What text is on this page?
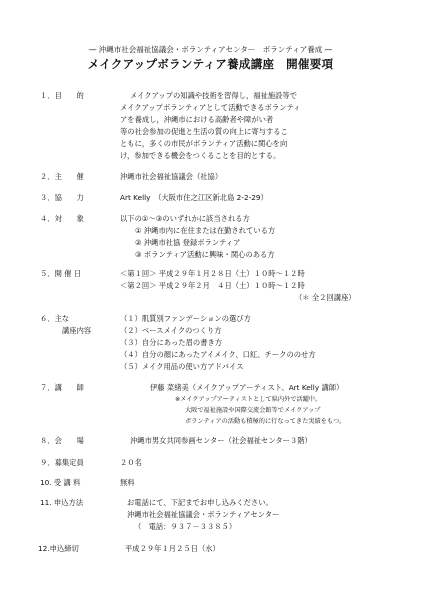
― 沖縄市社会福祉協議会・ボランティアセンター　ボランティア養成 ―
メイクアップボランティア養成講座　開催要項
１．目　　的	メイクアップの知識や技術を習得し，福祉施設等で
メイクアップボランティアとして活動できるボランティ
アを養成し，沖縄市における高齢者や障がい者
等の社会参加の促進と生活の質の向上に寄与するこ
ともに，多くの市民がボランティア活動に関心を向
け，参加できる機会をつくることを目的とする。
２．主　　催	沖縄市社会福祉協議会（社協）
３．協　　力	Art Kelly　（大阪市住之江区新北島 2-2-29）
４．対　　象	以下の①～③のいずれかに該当される方
① 沖縄市内に在住または在勤されている方
② 沖縄市社協 登録ボランティア
③ ボランティア活動に興味・関心のある方
５．開 催 日	＜第１回＞ 平成２９年１月２８日（土）１０時～１２時
＜第２回＞ 平成２９年２月　４日（土）１０時～１２時
（＊ 全２回講座）
６．主な
講座内容
（１）肌質別ファンデーションの選び方
（２）ベースメイクのつくり方
（３）自分にあった眉の書き方
（４）自分の顔にあったアイメイク、口紅、チークののせ方
（５）メイク用品の使い方アドバイス
７．講　　師	伊藤 菜緒美（メイクアップアーティスト、Art Kelly 講師）
※メイクアップアーティストとして県内外で活躍中。
大阪で福祉施設や国際交流会館等でメイクアップ
ボランティアの活動も積極的に行なってきた実績をもつ。
８．会　　場	沖縄市男女共同参画センター（社会福祉センター３階）
９．募集定員	２０名
10. 受 講 料	無料
11. 申込方法	お電話にて、下記までお申し込みください。
沖縄市社会福祉協議会・ボランティアセンター
（　電話：９３７－３３８５）
12.申込締切	平成２９年１月２５日（水）
